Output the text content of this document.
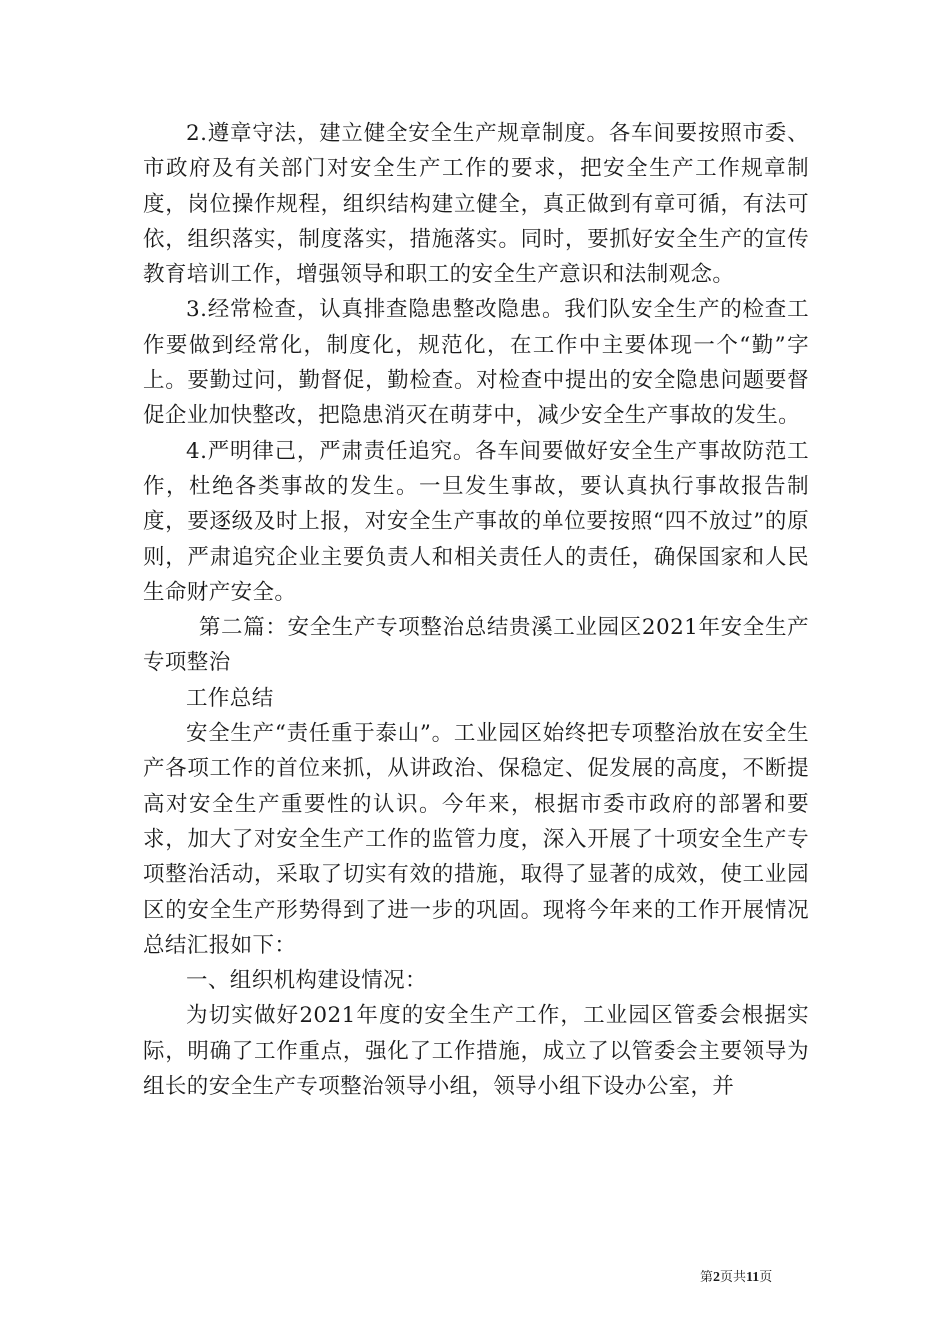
2.遵章守法，建立健全安全生产规章制度。各车间要按照市委、市政府及有关部门对安全生产工作的要求，把安全生产工作规章制度，岗位操作规程，组织结构建立健全，真正做到有章可循，有法可依，组织落实，制度落实，措施落实。同时，要抓好安全生产的宣传教育培训工作，增强领导和职工的安全生产意识和法制观念。

3.经常检查，认真排查隐患整改隐患。我们队安全生产的检查工作要做到经常化，制度化，规范化，在工作中主要体现一个“勤”字上。要勤过问，勤督促，勤检查。对检查中提出的安全隐患问题要督促企业加快整改，把隐患消灭在萌芽中，减少安全生产事故的发生。

4.严明律己，严肃责任追究。各车间要做好安全生产事故防范工作，杜绝各类事故的发生。一旦发生事故，要认真执行事故报告制度，要逐级及时上报，对安全生产事故的单位要按照“四不放过”的原则，严肃追究企业主要负责人和相关责任人的责任，确保国家和人民生命财产安全。

第二篇：安全生产专项整治总结贵溪工业园区2021年安全生产专项整治

工作总结

安全生产“责任重于泰山”。工业园区始终把专项整治放在安全生产各项工作的首位来抓，从讲政治、保稳定、促发展的高度，不断提高对安全生产重要性的认识。今年来，根据市委市政府的部署和要求，加大了对安全生产工作的监管力度，深入开展了十项安全生产专项整治活动，采取了切实有效的措施，取得了显著的成效，使工业园区的安全生产形势得到了进一步的巩固。现将今年来的工作开展情况总结汇报如下：

一、组织机构建设情况：

为切实做好2021年度的安全生产工作，工业园区管委会根据实际，明确了工作重点，强化了工作措施，成立了以管委会主要领导为组长的安全生产专项整治领导小组，领导小组下设办公室，并

第2页共11页
